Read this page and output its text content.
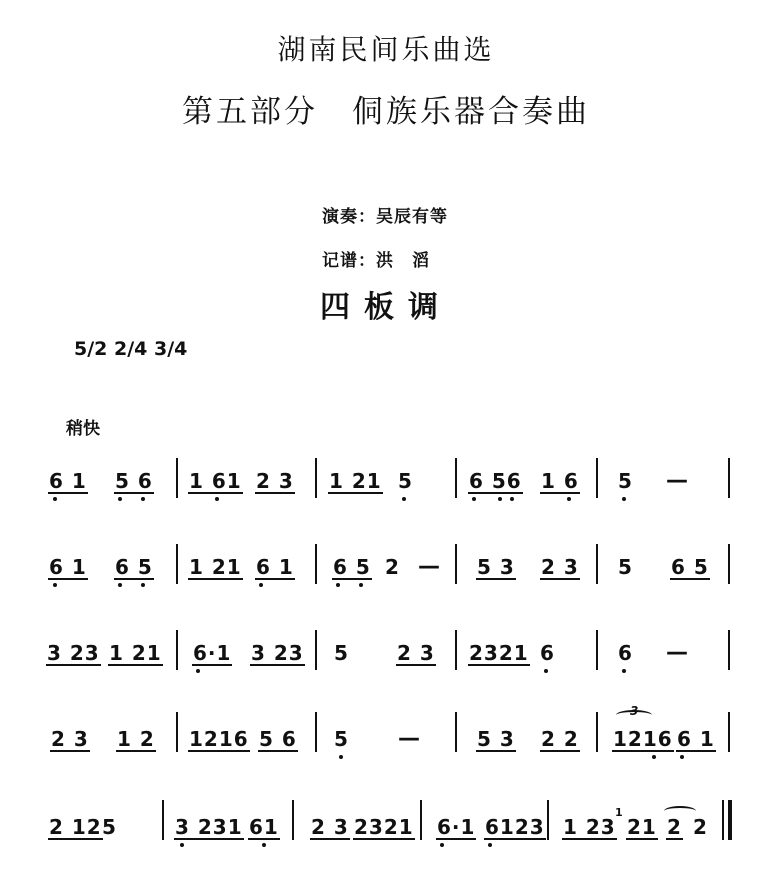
湖南民间乐曲选
第五部分　侗族乐器合奏曲
演奏：吴辰有等
记谱：洪　滔
四板调
5/2 2/4 3/4
稍快
6 1 5 6 1 61 2 3 1 21 5	6 56 1 6 5 —
6 1 6 5 1 21 6 1 6 5 2 — 5 3 2 3 5 6 5
3 23 1 21 6·1 3 23 5 2 3 2321 6	6 —
2 3 1 2 1216 5 6 5 —	5 3 2 2 1216 6 1
3
2 12 5	3 231 61 2 3 2321 6·1 6123 1 23
1
21 2 2
